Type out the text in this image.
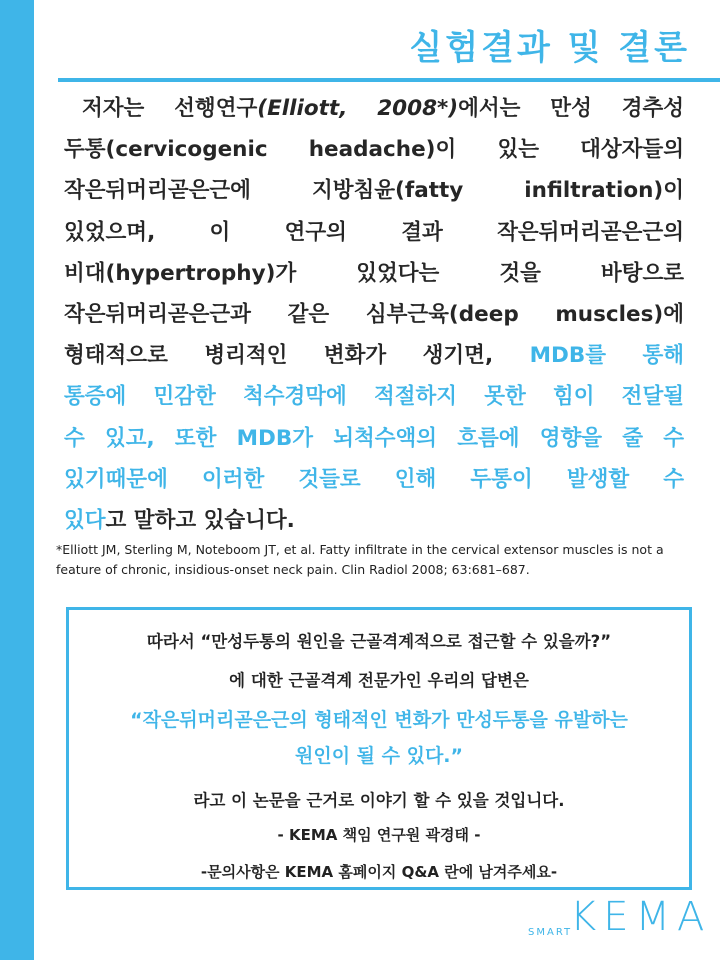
실험결과 및 결론
저자는 선행연구(Elliott, 2008*)에서는 만성 경추성
두통(cervicogenic headache)이 있는 대상자들의
작은뒤머리곧은근에 지방침윤(fatty infiltration)이
있었으며, 이 연구의 결과 작은뒤머리곧은근의
비대(hypertrophy)가 있었다는 것을 바탕으로
작은뒤머리곧은근과 같은 심부근육(deep muscles)에
형태적으로 병리적인 변화가 생기면, MDB를 통해
통증에 민감한 척수경막에 적절하지 못한 힘이 전달될
수 있고, 또한 MDB가 뇌척수액의 흐름에 영향을 줄 수
있기때문에 이러한 것들로 인해 두통이 발생할 수
있다고 말하고 있습니다.
*Elliott JM, Sterling M, Noteboom JT, et al. Fatty infiltrate in the cervical extensor muscles is not a
feature of chronic, insidious-onset neck pain. Clin Radiol 2008; 63:681–687.

따라서 “만성두통의 원인을 근골격계적으로 접근할 수 있을까?”

에 대한 근골격계 전문가인 우리의 답변은

“작은뒤머리곧은근의 형태적인 변화가 만성두통을 유발하는

원인이 될 수 있다.”

라고 이 논문을 근거로 이야기 할 수 있을 것입니다.

- KEMA 책임 연구원 곽경태 -

-문의사항은 KEMA 홈페이지 Q&A 란에 남겨주세요-

SMART
KEMA
